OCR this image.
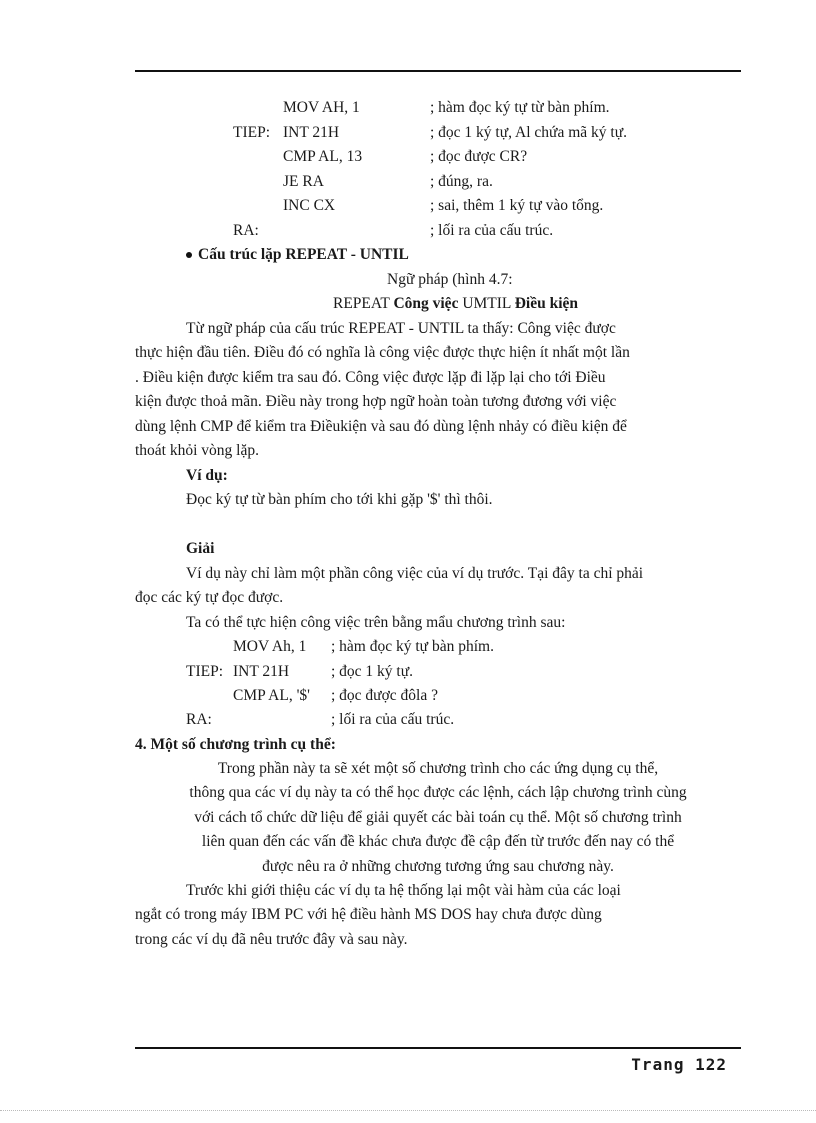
TIEP:
RA:
MOV AH, 1
INT 21H
CMP AL, 13
JE RA
INC CX
; hàm đọc ký tự từ bàn phím.
; đọc 1 ký tự, Al chứa mã ký tự.
; đọc được CR?
; đúng, ra.
; sai, thêm 1 ký tự vào tổng.
; lối ra của cấu trúc.
Cấu trúc lặp REPEAT - UNTIL
Ngữ pháp (hình 4.7:
REPEAT Công việc UMTIL Điều kiện
Từ ngữ pháp của cấu trúc REPEAT - UNTIL ta thấy: Công việc được
thực hiện đầu tiên. Điều đó có nghĩa là công việc được thực hiện ít nhất một lần
. Điều kiện được kiểm tra sau đó. Công việc được lặp đi lặp lại cho tới Điều
kiện được thoả mãn. Điều này trong hợp ngữ hoàn toàn tương đương với việc
dùng lệnh CMP để kiểm tra Điềukiện và sau đó dùng lệnh nhảy có điều kiện để
thoát khỏi vòng lặp.
Ví dụ:
Đọc ký tự từ bàn phím cho tới khi gặp '$' thì thôi.
Giải
Ví dụ này chỉ làm một phần công việc của ví dụ trước. Tại đây ta chỉ phải
đọc các ký tự đọc được.
Ta có thể tực hiện công việc trên bằng mẩu chương trình sau:
TIEP:
RA:
MOV Ah, 1
INT 21H
CMP AL, '$'
; hàm đọc ký tự bàn phím.
; đọc 1 ký tự.
; đọc được đôla ?
; lối ra của cấu trúc.
4. Một số chương trình cụ thể:
Trong phần này ta sẽ xét một số chương trình cho các ứng dụng cụ thể,
thông qua các ví dụ này ta có thể học được các lệnh, cách lập chương trình cùng
với cách tổ chức dữ liệu để giải quyết các bài toán cụ thể. Một số chương trình
liên quan đến các vấn đề khác chưa được đề cập đến từ trước đến nay có thể
được nêu ra ở những chương tương ứng sau chương này.
Trước khi giới thiệu các ví dụ ta hệ thống lại một vài hàm của các loại
ngắt có trong máy IBM PC với hệ điều hành MS DOS hay chưa được dùng
trong các ví dụ đã nêu trước đây và sau này.
Trang 122
